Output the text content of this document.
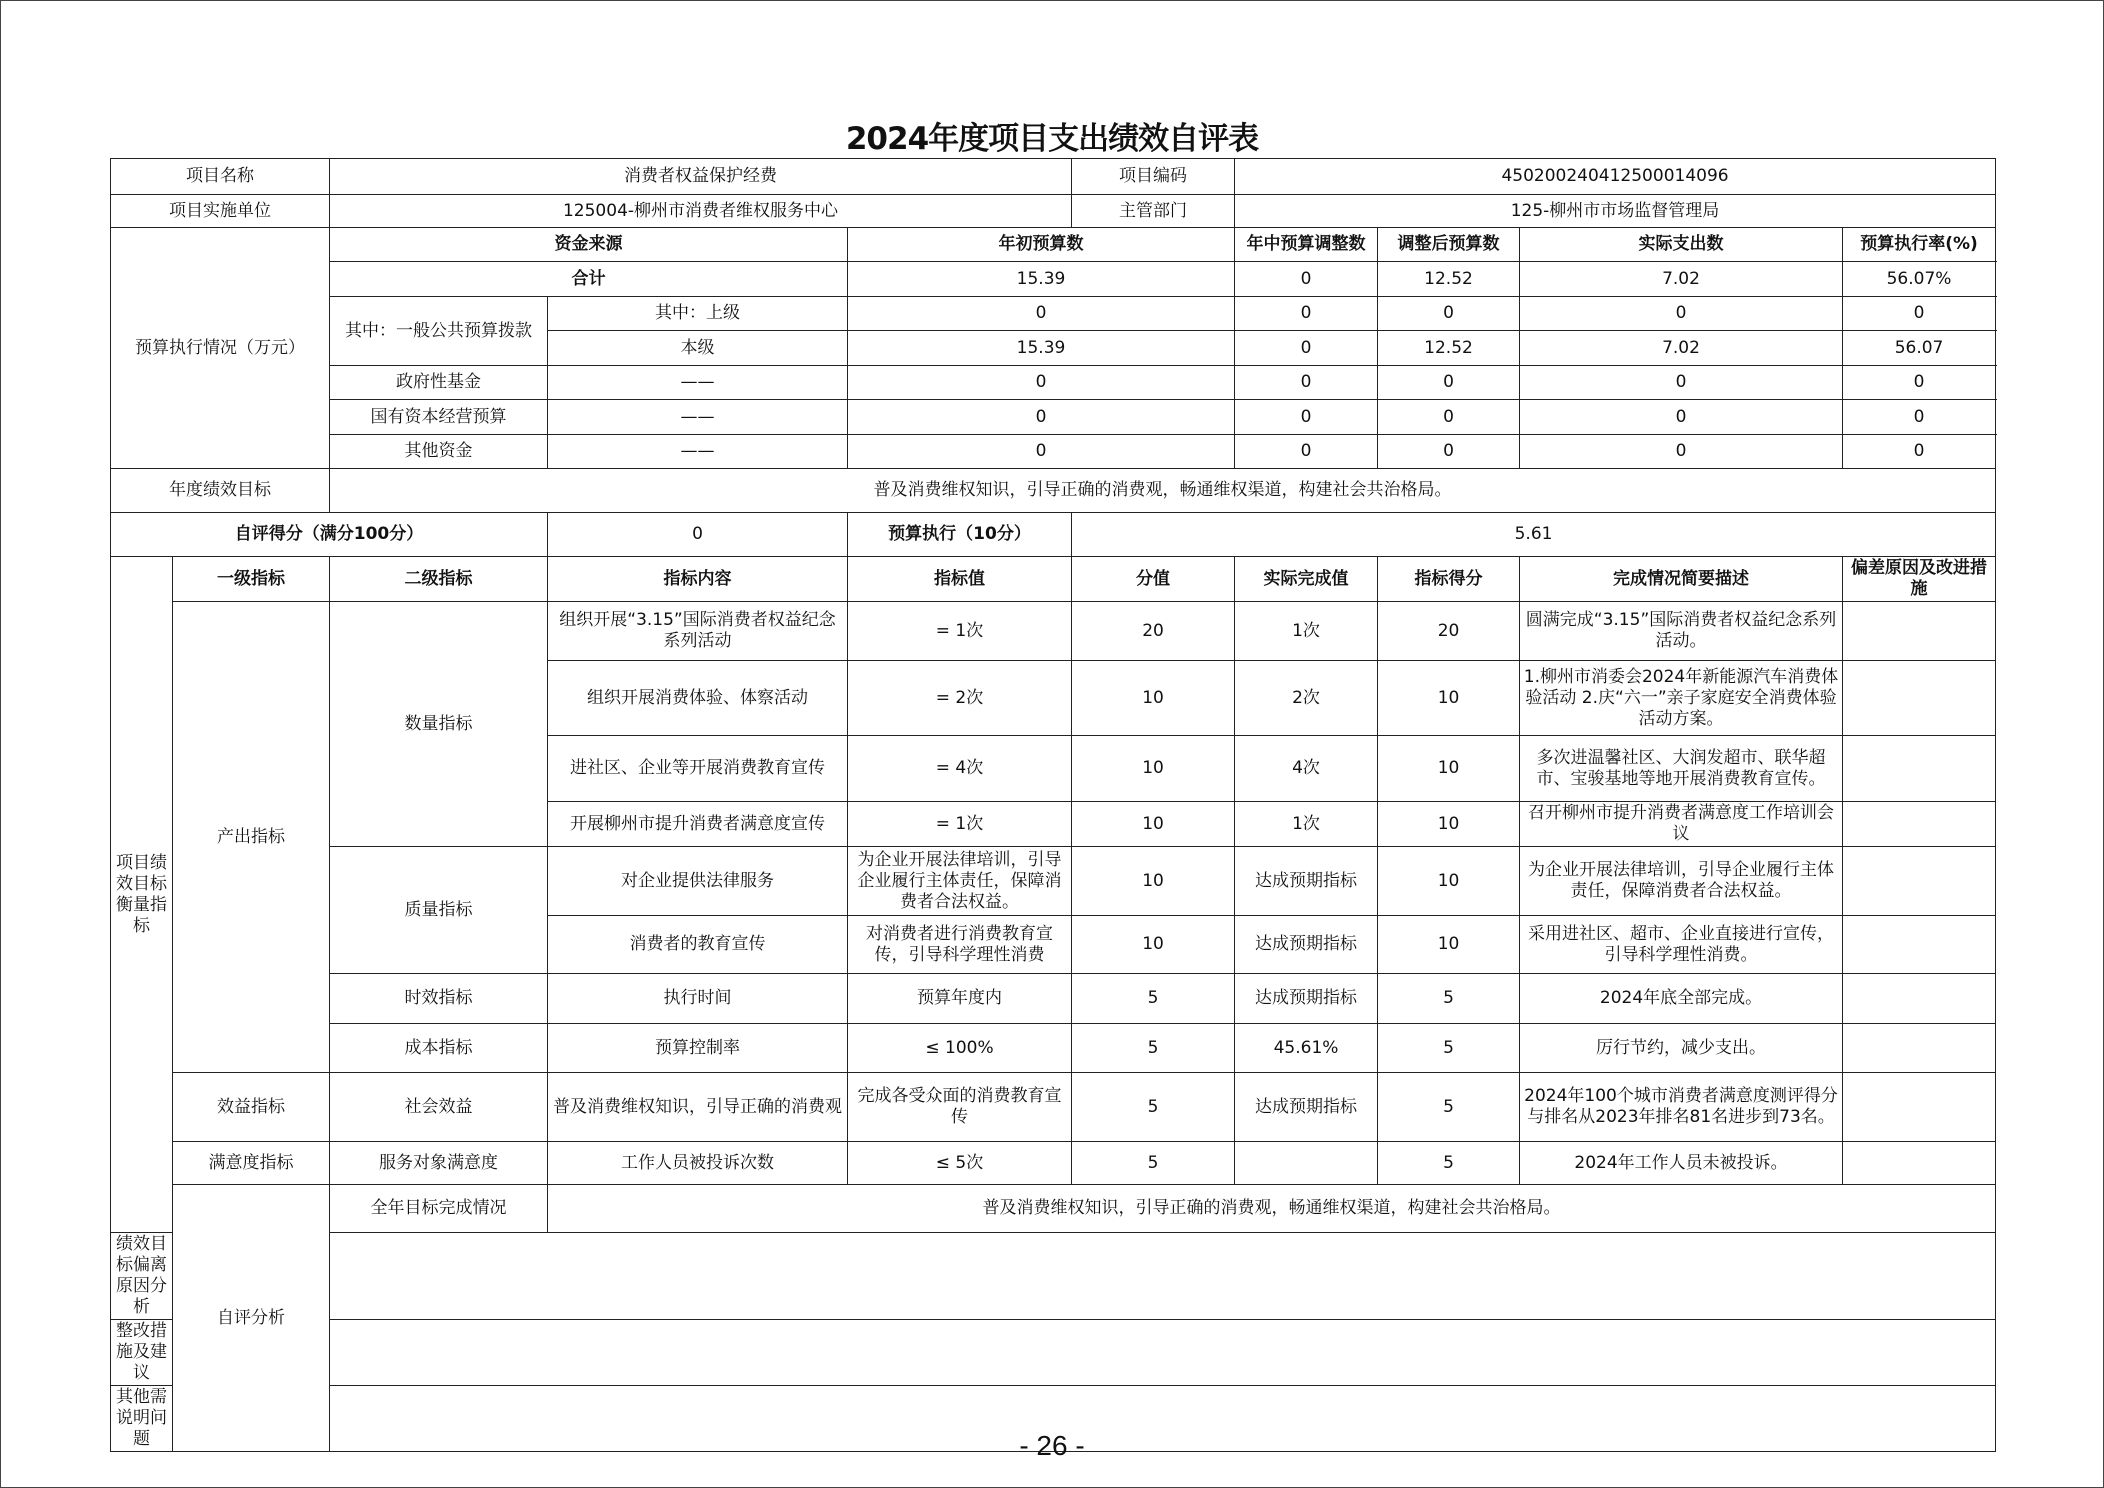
2024年度项目支出绩效自评表
项目名称		消费者权益保护经费			项目编码	450200240412500014096			
项目实施单位		125004-柳州市消费者维权服务中心			主管部门	125-柳州市市场监督管理局			
预算执行情况（万元）		资金来源		年初预算数		年中预算调整数	调整后预算数	实际支出数	预算执行率(%)
		合计		15.39		0	12.52	7.02	56.07%
		其中：一般公共预算拨款	其中：上级	0		0	0	0	0
			本级	15.39		0	12.52	7.02	56.07
		政府性基金	——	0		0	0	0	0
		国有资本经营预算	——	0		0	0	0	0
		其他资金	——	0		0	0	0	0
年度绩效目标		普及消费维权知识，引导正确的消费观，畅通维权渠道，构建社会共治格局。							
自评得分（满分100分）			0	预算执行（10分）	5.61				
项目绩效目标衡量指标	一级指标	二级指标	指标内容	指标值	分值	实际完成值	指标得分	完成情况简要描述	偏差原因及改进措施
	产出指标	数量指标	组织开展“3.15”国际消费者权益纪念系列活动	= 1次	20	1次	20	圆满完成“3.15”国际消费者权益纪念系列活动。	
			组织开展消费体验、体察活动	= 2次	10	2次	10	1.柳州市消委会2024年新能源汽车消费体验活动 2.庆“六一”亲子家庭安全消费体验活动方案。	
			进社区、企业等开展消费教育宣传	= 4次	10	4次	10	多次进温馨社区、大润发超市、联华超市、宝骏基地等地开展消费教育宣传。	
			开展柳州市提升消费者满意度宣传	= 1次	10	1次	10	召开柳州市提升消费者满意度工作培训会议	
		质量指标	对企业提供法律服务	为企业开展法律培训，引导企业履行主体责任，保障消费者合法权益。	10	达成预期指标	10	为企业开展法律培训，引导企业履行主体责任，保障消费者合法权益。	
			消费者的教育宣传	对消费者进行消费教育宣传，引导科学理性消费	10	达成预期指标	10	采用进社区、超市、企业直接进行宣传，引导科学理性消费。	
		时效指标	执行时间	预算年度内	5	达成预期指标	5	2024年底全部完成。	
		成本指标	预算控制率	≤ 100%	5	45.61%	5	厉行节约，减少支出。	
	效益指标	社会效益	普及消费维权知识，引导正确的消费观	完成各受众面的消费教育宣传	5	达成预期指标	5	2024年100个城市消费者满意度测评得分与排名从2023年排名81名进步到73名。	
	满意度指标	服务对象满意度	工作人员被投诉次数	≤ 5次	5		5	2024年工作人员未被投诉。	
	自评分析	全年目标完成情况	普及消费维权知识，引导正确的消费观，畅通维权渠道，构建社会共治格局。						
绩效目标偏离原因分析									
整改措施及建议									
其他需说明问题										- 26 -
